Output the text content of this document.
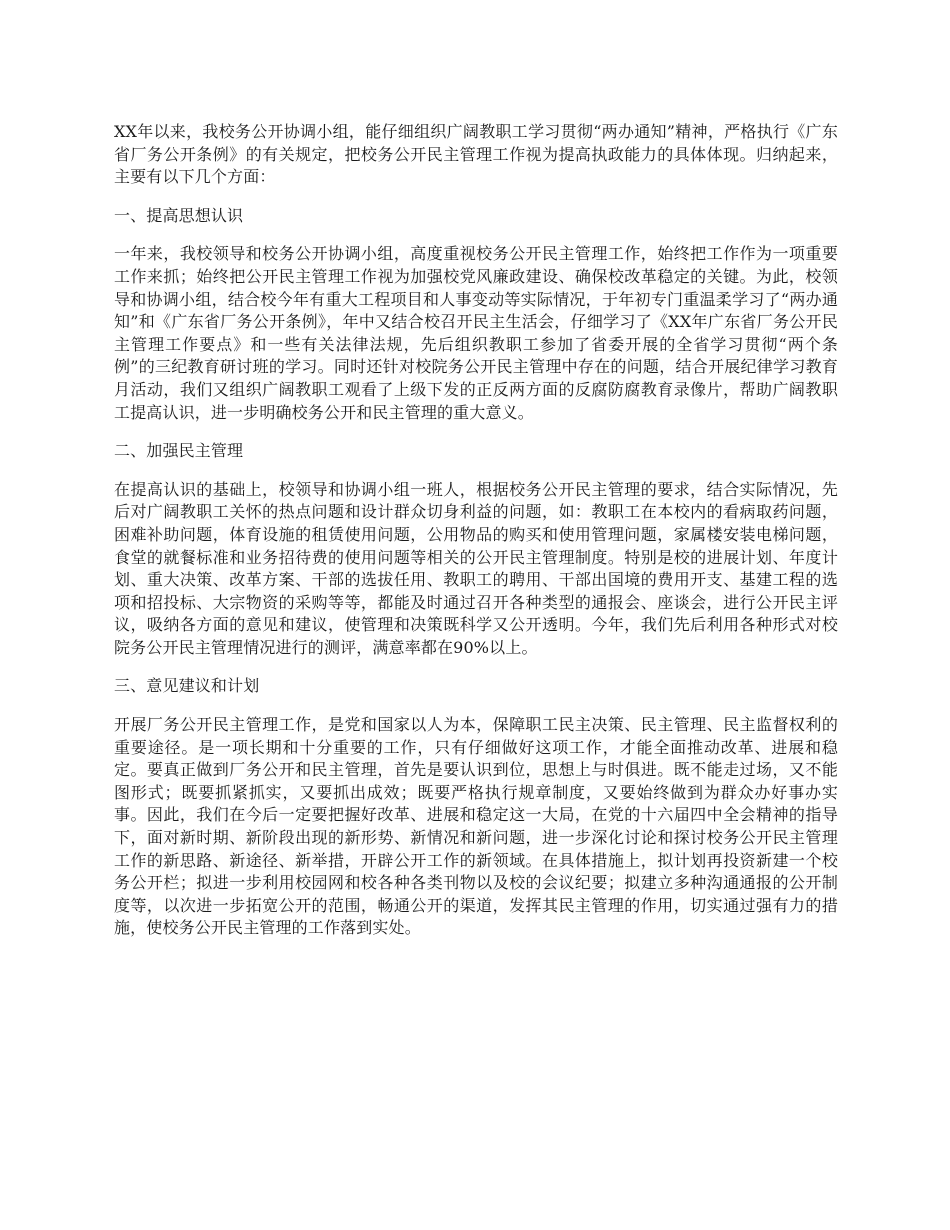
XX年以来，我校务公开协调小组，能仔细组织广阔教职工学习贯彻“两办通知”精神，严格执行《广东省厂务公开条例》的有关规定，把校务公开民主管理工作视为提高执政能力的具体体现。归纳起来，主要有以下几个方面：

一、提高思想认识

一年来，我校领导和校务公开协调小组，高度重视校务公开民主管理工作，始终把工作作为一项重要工作来抓；始终把公开民主管理工作视为加强校党风廉政建设、确保校改革稳定的关键。为此，校领导和协调小组，结合校今年有重大工程项目和人事变动等实际情况，于年初专门重温柔学习了“两办通知”和《广东省厂务公开条例》，年中又结合校召开民主生活会，仔细学习了《XX年广东省厂务公开民主管理工作要点》和一些有关法律法规，先后组织教职工参加了省委开展的全省学习贯彻“两个条例”的三纪教育研讨班的学习。同时还针对校院务公开民主管理中存在的问题，结合开展纪律学习教育月活动，我们又组织广阔教职工观看了上级下发的正反两方面的反腐防腐教育录像片，帮助广阔教职工提高认识，进一步明确校务公开和民主管理的重大意义。

二、加强民主管理

在提高认识的基础上，校领导和协调小组一班人，根据校务公开民主管理的要求，结合实际情况，先后对广阔教职工关怀的热点问题和设计群众切身利益的问题，如：教职工在本校内的看病取药问题，困难补助问题，体育设施的租赁使用问题，公用物品的购买和使用管理问题，家属楼安装电梯问题，食堂的就餐标准和业务招待费的使用问题等相关的公开民主管理制度。特别是校的进展计划、年度计划、重大决策、改革方案、干部的选拔任用、教职工的聘用、干部出国境的费用开支、基建工程的选项和招投标、大宗物资的采购等等，都能及时通过召开各种类型的通报会、座谈会，进行公开民主评议，吸纳各方面的意见和建议，使管理和决策既科学又公开透明。今年，我们先后利用各种形式对校院务公开民主管理情况进行的测评，满意率都在90%以上。

三、意见建议和计划

开展厂务公开民主管理工作，是党和国家以人为本，保障职工民主决策、民主管理、民主监督权利的重要途径。是一项长期和十分重要的工作，只有仔细做好这项工作，才能全面推动改革、进展和稳定。要真正做到厂务公开和民主管理，首先是要认识到位，思想上与时俱进。既不能走过场，又不能图形式；既要抓紧抓实，又要抓出成效；既要严格执行规章制度，又要始终做到为群众办好事办实事。因此，我们在今后一定要把握好改革、进展和稳定这一大局，在党的十六届四中全会精神的指导下，面对新时期、新阶段出现的新形势、新情况和新问题，进一步深化讨论和探讨校务公开民主管理工作的新思路、新途径、新举措，开辟公开工作的新领域。在具体措施上，拟计划再投资新建一个校务公开栏；拟进一步利用校园网和校各种各类刊物以及校的会议纪要；拟建立多种沟通通报的公开制度等，以次进一步拓宽公开的范围，畅通公开的渠道，发挥其民主管理的作用，切实通过强有力的措施，使校务公开民主管理的工作落到实处。
